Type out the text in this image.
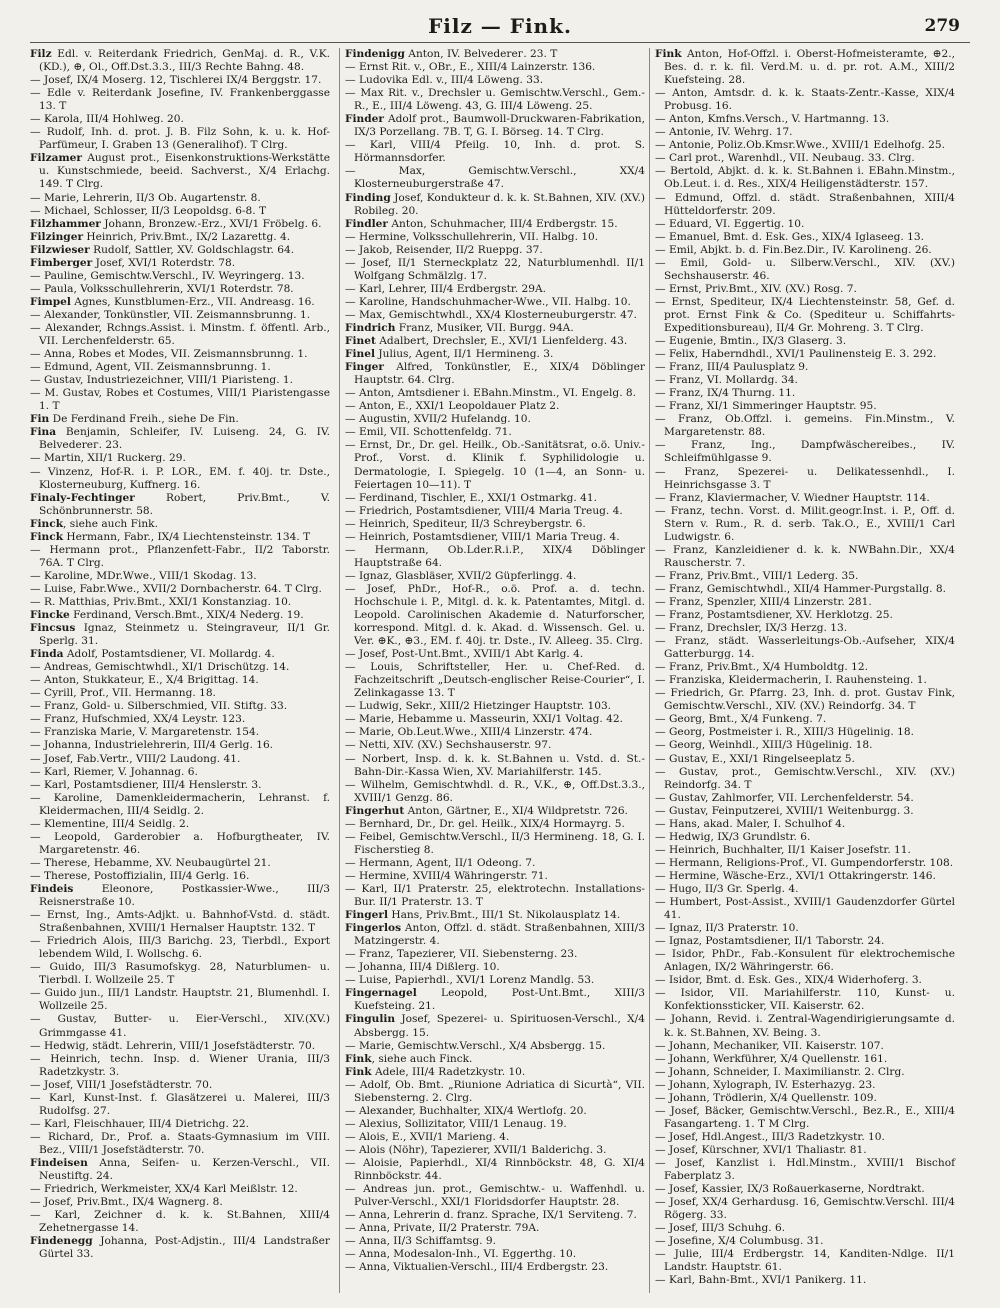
Filz — Fink.	279

Filz Edl. v. Reiterdank Friedrich, GenMaj. d. R., V.K.(KD.), ⊕, Ol., Off.Dst.3.3., III/3 Rechte Bahng. 48.

— Josef, IX/4 Moserg. 12, Tischlerei IX/4 Berggstr. 17.

— Edle v. Reiterdank Josefine, IV. Frankenberggasse 13. T

— Karola, III/4 Hohlweg. 20.

— Rudolf, Inh. d. prot. J. B. Filz Sohn, k. u. k. Hof-Parfümeur, I. Graben 13 (Generalihof). T Clrg.

Filzamer August prot., Eisenkonstruktions-Werkstätte u. Kunstschmiede, beeid. Sachverst., X/4 Erlachg. 149. T Clrg.

— Marie, Lehrerin, II/3 Ob. Augartenstr. 8.

— Michael, Schlosser, II/3 Leopoldsg. 6-8. T

Filzhammer Johann, Bronzew.-Erz., XVI/1 Fröbelg. 6.

Filzinger Heinrich, Priv.Bmt., IX/2 Lazarettg. 4.

Filzwieser Rudolf, Sattler, XV. Goldschlagstr. 64.

Fimberger Josef, XVI/1 Roterdstr. 78.

— Pauline, Gemischtw.Verschl., IV. Weyringerg. 13.

— Paula, Volksschullehrerin, XVI/1 Roterdstr. 78.

Fimpel Agnes, Kunstblumen-Erz., VII. Andreasg. 16.

— Alexander, Tonkünstler, VII. Zeismannsbrunng. 1.

— Alexander, Rchngs.Assist. i. Minstm. f. öffentl. Arb., VII. Lerchenfelderstr. 65.

— Anna, Robes et Modes, VII. Zeismannsbrunng. 1.

— Edmund, Agent, VII. Zeismannsbrunng. 1.

— Gustav, Industriezeichner, VIII/1 Piaristeng. 1.

— M. Gustav, Robes et Costumes, VIII/1 Piaristengasse 1. T

Fin De Ferdinand Freih., siehe De Fin.

Fina Benjamin, Schleifer, IV. Luiseng. 24, G. IV. Belvederег. 23.

— Martin, XII/1 Ruckerg. 29.

— Vinzenz, Hof-R. i. P. LOR., EM. f. 40j. tr. Dste., Klosterneuburg, Kuffnerg. 16.

Finaly-Fechtinger Robert, Priv.Bmt., V. Schönbrunnerstr. 58.

Finck, siehe auch Fink.

Finck Hermann, Fabr., IX/4 Liechtensteinstr. 134. T

— Hermann prot., Pflanzenfett-Fabr., II/2 Taborstr. 76A. T Clrg.

— Karoline, MDr.Wwe., VIII/1 Skodag. 13.

— Luise, Fabr.Wwe., XVII/2 Dornbacherstr. 64. T Clrg.

— R. Matthias, Priv.Bmt., XXI/1 Konstanziag. 10.

Fincke Ferdinand, Versch.Bmt., XIX/4 Nederg. 19.

Fincsus Ignaz, Steinmetz u. Steingraveur, II/1 Gr. Sperlg. 31.

Finda Adolf, Postamtsdiener, VI. Mollardg. 4.

— Andreas, Gemischtwhdl., XI/1 Drischützg. 14.

— Anton, Stukkateur, E., X/4 Brigittag. 14.

— Cyrill, Prof., VII. Hermanng. 18.

— Franz, Gold- u. Silberschmied, VII. Stiftg. 33.

— Franz, Hufschmied, XX/4 Leystr. 123.

— Franziska Marie, V. Margaretenstr. 154.

— Johanna, Industrielehrerin, III/4 Gerlg. 16.

— Josef, Fab.Vertr., VIII/2 Laudong. 41.

— Karl, Riemer, V. Johannag. 6.

— Karl, Postamtsdiener, III/4 Henslerstr. 3.

— Karoline, Damenkleidermacherin, Lehranst. f. Kleidermachen, III/4 Seidlg. 2.

— Klementine, III/4 Seidlg. 2.

— Leopold, Garderobier a. Hofburgtheater, IV. Margaretenstr. 46.

— Therese, Hebamme, XV. Neubaugürtel 21.

— Therese, Postoffizialin, III/4 Gerlg. 16.

Findeis Eleonore, Postkassier-Wwe., III/3 Reisnerstraße 10.

— Ernst, Ing., Amts-Adjkt. u. Bahnhof-Vstd. d. städt. Straßenbahnen, XVIII/1 Hernalser Hauptstr. 132. T

— Friedrich Alois, III/3 Barichg. 23, Tierbdl., Export lebendem Wild, I. Wollschg. 6.

— Guido, III/3 Rasumofskyg. 28, Naturblumen- u. Tierbdl. I. Wollzeile 25. T

— Guido jun., III/1 Landstr. Hauptstr. 21, Blumenhdl. I. Wollzeile 25.

— Gustav, Butter- u. Eier-Verschl., XIV.(XV.) Grimmgasse 41.

— Hedwig, städt. Lehrerin, VIII/1 Josefstädterstr. 70.

— Heinrich, techn. Insp. d. Wiener Urania, III/3 Radetzkystr. 3.

— Josef, VIII/1 Josefstädterstr. 70.

— Karl, Kunst-Inst. f. Glasätzerei u. Malerei, III/3 Rudolfsg. 27.

— Karl, Fleischhauer, III/4 Dietrichg. 22.

— Richard, Dr., Prof. a. Staats-Gymnasium im VIII. Bez., VIII/1 Josefstädterstr. 70.

Findeisen Anna, Seifen- u. Kerzen-Verschl., VII. Neustiftg. 24.

— Friedrich, Werkmeister, XX/4 Karl Meißlstr. 12.

— Josef, Priv.Bmt., IX/4 Wagnerg. 8.

— Karl, Zeichner d. k. k. St.Bahnen, XIII/4 Zehetnergasse 14.

Findenegg Johanna, Post-Adjstin., III/4 Landstraßer Gürtel 33.

Findenigg Anton, IV. Belvederег. 23. T

— Ernst Rit. v., OBr., E., XIII/4 Lainzerstr. 136.

— Ludovika Edl. v., III/4 Löweng. 33.

— Max Rit. v., Drechsler u. Gemischtw.Verschl., Gem.-R., E., III/4 Löweng. 43, G. III/4 Löweng. 25.

Finder Adolf prot., Baumwoll-Druckwaren-Fabrikation, IX/3 Porzellang. 7B. T, G. I. Börseg. 14. T Clrg.

— Karl, VIII/4 Pfeilg. 10, Inh. d. prot. S. Hörmannsdorfer.

— Max, Gemischtw.Verschl., XX/4 Klosterneuburgerstraße 47.

Finding Josef, Kondukteur d. k. k. St.Bahnen, XIV. (XV.) Robileg. 20.

Findler Anton, Schuhmacher, III/4 Erdbergstr. 15.

— Hermine, Volksschullehrerin, VII. Halbg. 10.

— Jakob, Reisender, II/2 Rueppg. 37.

— Josef, II/1 Sterneckplatz 22, Naturblumenhdl. II/1 Wolfgang Schmälzlg. 17.

— Karl, Lehrer, III/4 Erdbergstr. 29A.

— Karoline, Handschuhmacher-Wwe., VII. Halbg. 10.

— Max, Gemischtwhdl., XX/4 Klosterneuburgerstr. 47.

Findrich Franz, Musiker, VII. Burgg. 94A.

Finet Adalbert, Drechsler, E., XVI/1 Lienfelderg. 43.

Finel Julius, Agent, II/1 Hermineng. 3.

Finger Alfred, Tonkünstler, E., XIX/4 Döblinger Hauptstr. 64. Clrg.

— Anton, Amtsdiener i. EBahn.Minstm., VI. Engelg. 8.

— Anton, E., XXI/1 Leopoldauer Platz 2.

— Augustin, XVII/2 Hufelandg. 10.

— Emil, VII. Schottenfeldg. 71.

— Ernst, Dr., Dr. gel. Heilk., Ob.-Sanitätsrat, o.ö. Univ.-Prof., Vorst. d. Klinik f. Syphilidologie u. Dermatologie, I. Spiegelg. 10 (1—4, an Sonn- u. Feiertagen 10—11). T

— Ferdinand, Tischler, E., XXI/1 Ostmarkg. 41.

— Friedrich, Postamtsdiener, VIII/4 Maria Treug. 4.

— Heinrich, Spediteur, II/3 Schreybergstr. 6.

— Heinrich, Postamtsdiener, VIII/1 Maria Treug. 4.

— Hermann, Ob.Lder.R.i.P., XIX/4 Döblinger Hauptstraße 64.

— Ignaz, Glasbläser, XVII/2 Güpferlingg. 4.

— Josef, PhDr., Hof-R., o.ö. Prof. a. d. techn. Hochschule i. P., Mitgl. d. k. k. Patentamtes, Mitgl. d. Leopold. Carolinischen Akademie d. Naturforscher, korrespond. Mitgl. d. k. Akad. d. Wissensch. Gel. u. Ver. ⊕K., ⊕3., EM. f. 40j. tr. Dste., IV. Alleeg. 35. Clrg.

— Josef, Post-Unt.Bmt., XVIII/1 Abt Karlg. 4.

— Louis, Schriftsteller, Her. u. Chef-Red. d. Fachzeitschrift „Deutsch-englischer Reise-Courier“, I. Zelinkagasse 13. T

— Ludwig, Sekr., XIII/2 Hietzinger Hauptstr. 103.

— Marie, Hebamme u. Masseurin, XXI/1 Voltag. 42.

— Marie, Ob.Leut.Wwe., XIII/4 Linzerstr. 474.

— Netti, XIV. (XV.) Sechshauserstr. 97.

— Norbert, Insp. d. k. k. St.Bahnen u. Vstd. d. St.-Bahn-Dir.-Kassa Wien, XV. Mariahilferstr. 145.

— Wilhelm, Gemischtwhdl. d. R., V.K., ⊕, Off.Dst.3.3., XVIII/1 Genzg. 86.

Fingerhut Anton, Gärtner, E., XI/4 Wildpretstr. 726.

— Bernhard, Dr., Dr. gel. Heilk., XIX/4 Hormayrg. 5.

— Feibel, Gemischtw.Verschl., II/3 Hermineng. 18, G. I. Fischerstieg 8.

— Hermann, Agent, II/1 Odeong. 7.

— Hermine, XVIII/4 Währingerstr. 71.

— Karl, II/1 Praterstr. 25, elektrotechn. Installations-Bur. II/1 Praterstr. 13. T

Fingerl Hans, Priv.Bmt., III/1 St. Nikolausplatz 14.

Fingerlos Anton, Offzl. d. städt. Straßenbahnen, XIII/3 Matzingerstr. 4.

— Franz, Tapezierer, VII. Siebensterng. 23.

— Johanna, III/4 Dißlerg. 10.

— Luise, Papierhdl., XVI/1 Lorenz Mandlg. 53.

Fingernagel Leopold, Post-Unt.Bmt., XIII/3 Kuefsteing. 21.

Fingulin Josef, Spezerei- u. Spirituosen-Verschl., X/4 Absbergg. 15.

— Marie, Gemischtw.Verschl., X/4 Absbergg. 15.

Fink, siehe auch Finck.

Fink Adele, III/4 Radetzkystr. 10.

— Adolf, Ob. Bmt. „Riunione Adriatica di Sicurtà“, VII. Siebensterng. 2. Clrg.

— Alexander, Buchhalter, XIX/4 Wertlofg. 20.

— Alexius, Sollizitator, VIII/1 Lenaug. 19.

— Alois, E., XVII/1 Marieng. 4.

— Alois (Nöhr), Tapezierer, XVII/1 Balderichg. 3.

— Aloisie, Papierhdl., XI/4 Rinnböckstr. 48, G. XI/4 Rinnböckstr. 44.

— Andreas jun. prot., Gemischtw.- u. Waffenhdl. u. Pulver-Verschl., XXI/1 Floridsdorfer Hauptstr. 28.

— Anna, Lehrerin d. franz. Sprache, IX/1 Serviteng. 7.

— Anna, Private, II/2 Praterstr. 79A.

— Anna, II/3 Schiffamtsg. 9.

— Anna, Modesalon-Inh., VI. Eggerthg. 10.

— Anna, Viktualien-Verschl., III/4 Erdbergstr. 23.

Fink Anton, Hof-Offzl. i. Oberst-Hofmeisteramte, ⊕2., Bes. d. r. k. fil. Verd.M. u. d. pr. rot. A.M., XIII/2 Kuefsteing. 28.

— Anton, Amtsdr. d. k. k. Staats-Zentr.-Kasse, XIX/4 Probusg. 16.

— Anton, Kmfns.Versch., V. Hartmanng. 13.

— Antonie, IV. Wehrg. 17.

— Antonie, Poliz.Ob.Kmsr.Wwe., XVIII/1 Edelhofg. 25.

— Carl prot., Warenhdl., VII. Neubaug. 33. Clrg.

— Bertold, Abjkt. d. k. k. St.Bahnen i. EBahn.Minstm., Ob.Leut. i. d. Res., XIX/4 Heiligenstädterstr. 157.

— Edmund, Offzl. d. städt. Straßenbahnen, XIII/4 Hütteldorferstr. 209.

— Eduard, VI. Eggertig. 10.

— Emanuel, Bmt. d. Esk. Ges., XIX/4 Iglaseeg. 13.

— Emil, Abjkt. b. d. Fin.Bez.Dir., IV. Karolineng. 26.

— Emil, Gold- u. Silberw.Verschl., XIV. (XV.) Sechshauserstr. 46.

— Ernst, Priv.Bmt., XIV. (XV.) Rosg. 7.

— Ernst, Spediteur, IX/4 Liechtensteinstr. 58, Gef. d. prot. Ernst Fink & Co. (Spediteur u. Schiffahrts-Expeditionsbureau), II/4 Gr. Mohreng. 3. T Clrg.

— Eugenie, Bmtin., IX/3 Glaserg. 3.

— Felix, Haberndhdl., XVI/1 Paulinensteig E. 3. 292.

— Franz, III/4 Paulusplatz 9.

— Franz, VI. Mollardg. 34.

— Franz, IX/4 Thurng. 11.

— Franz, XI/1 Simmeringer Hauptstr. 95.

— Franz, Ob.Offzl. i. gemeins. Fin.Minstm., V. Margaretenstr. 88.

— Franz, Ing., Dampfwäschereibes., IV. Schleifmühlgasse 9.

— Franz, Spezerei- u. Delikatessenhdl., I. Heinrichsgasse 3. T

— Franz, Klaviermacher, V. Wiedner Hauptstr. 114.

— Franz, techn. Vorst. d. Milit.geogr.Inst. i. P., Off. d. Stern v. Rum., R. d. serb. Tak.O., E., XVIII/1 Carl Ludwigstr. 6.

— Franz, Kanzleidiener d. k. k. NWBahn.Dir., XX/4 Rauscherstr. 7.

— Franz, Priv.Bmt., VIII/1 Lederg. 35.

— Franz, Gemischtwhdl., XII/4 Hammer-Purgstallg. 8.

— Franz, Spenzler, XIII/4 Linzerstr. 281.

— Franz, Postamtsdiener, XV. Herklotzg. 25.

— Franz, Drechsler, IX/3 Herzg. 13.

— Franz, städt. Wasserleitungs-Ob.-Aufseher, XIX/4 Gatterburgg. 14.

— Franz, Priv.Bmt., X/4 Humboldtg. 12.

— Franziska, Kleidermacherin, I. Rauhensteing. 1.

— Friedrich, Gr. Pfarrg. 23, Inh. d. prot. Gustav Fink, Gemischtw.Verschl., XIV. (XV.) Reindorfg. 34. T

— Georg, Bmt., X/4 Funkeng. 7.

— Georg, Postmeister i. R., XIII/3 Hügelinig. 18.

— Georg, Weinhdl., XIII/3 Hügelinig. 18.

— Gustav, E., XXI/1 Ringelseeplatz 5.

— Gustav, prot., Gemischtw.Verschl., XIV. (XV.) Reindorfg. 34. T

— Gustav, Zahlmorfer, VII. Lerchenfelderstr. 54.

— Gustav, Feinputzerei, XVIII/1 Weitenburgg. 3.

— Hans, akad. Maler, I. Schulhof 4.

— Hedwig, IX/3 Grundlstr. 6.

— Heinrich, Buchhalter, II/1 Kaiser Josefstr. 11.

— Hermann, Religions-Prof., VI. Gumpendorferstr. 108.

— Hermine, Wäsche-Erz., XVI/1 Ottakringerstr. 146.

— Hugo, II/3 Gr. Sperlg. 4.

— Humbert, Post-Assist., XVIII/1 Gaudenzdorfer Gürtel 41.

— Ignaz, II/3 Praterstr. 10.

— Ignaz, Postamtsdiener, II/1 Taborstr. 24.

— Isidor, PhDr., Fab.-Konsulent für elektrochemische Anlagen, IX/2 Währingerstr. 66.

— Isidor, Bmt. d. Esk. Ges., XIX/4 Widerhoferg. 3.

— Isidor, VII. Mariahilferstr. 110, Kunst- u. Konfektionssticker, VII. Kaiserstr. 62.

— Johann, Revid. i. Zentral-Wagendirigierungsamte d. k. k. St.Bahnen, XV. Being. 3.

— Johann, Mechaniker, VII. Kaiserstr. 107.

— Johann, Werkführer, X/4 Quellenstr. 161.

— Johann, Schneider, I. Maximilianstr. 2. Clrg.

— Johann, Xylograph, IV. Esterhazyg. 23.

— Johann, Trödlerin, X/4 Quellenstr. 109.

— Josef, Bäcker, Gemischtw.Verschl., Bez.R., E., XIII/4 Fasangarteng. 1. T M Clrg.

— Josef, Hdl.Angest., III/3 Radetzkystr. 10.

— Josef, Kürschner, XVI/1 Thaliastr. 81.

— Josef, Kanzlist i. Hdl.Minstm., XVIII/1 Bischof Faberplatz 3.

— Josef, Kassier, IX/3 Roßauerkaserne, Nordtrakt.

— Josef, XX/4 Gerhardusg. 16, Gemischtw.Verschl. III/4 Rögerg. 33.

— Josef, III/3 Schuhg. 6.

— Josefine, X/4 Columbusg. 31.

— Julie, III/4 Erdbergstr. 14, Kanditen-Ndlge. II/1 Landstr. Hauptstr. 61.

— Karl, Bahn-Bmt., XVI/1 Panikerg. 11.
